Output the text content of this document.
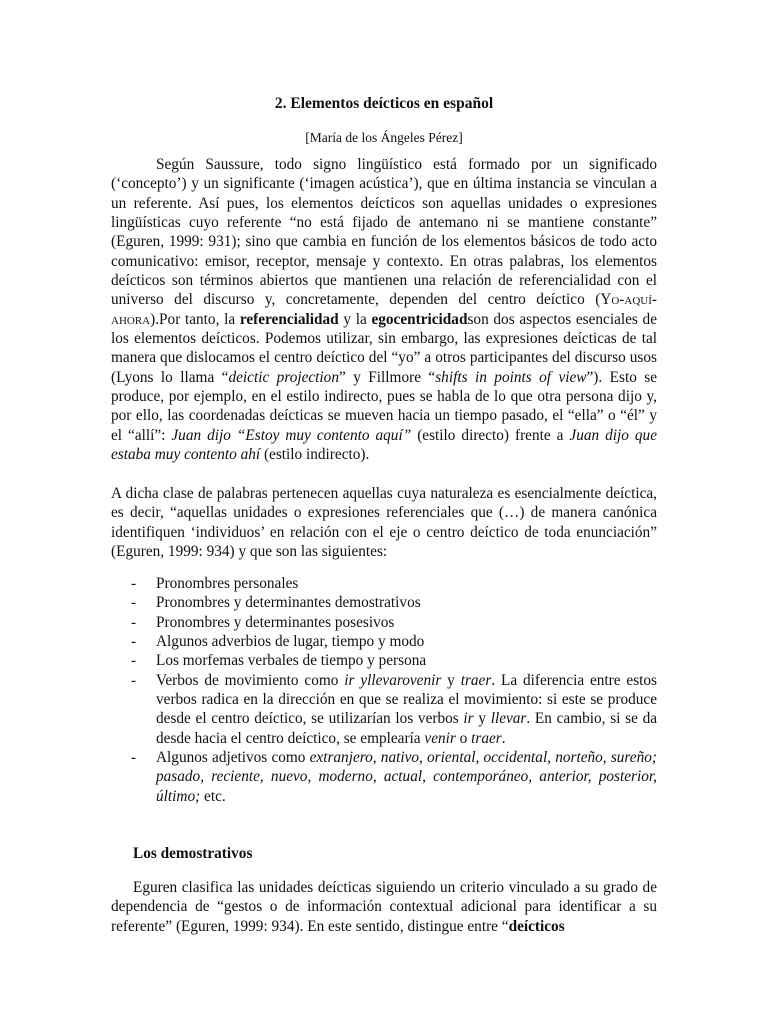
2. Elementos deícticos en español
[María de los Ángeles Pérez]
Según Saussure, todo signo lingüístico está formado por un significado (‘concepto’) y un significante (‘imagen acústica’), que en última instancia se vinculan a un referente. Así pues, los elementos deícticos son aquellas unidades o expresiones lingüísticas cuyo referente “no está fijado de antemano ni se mantiene constante” (Eguren, 1999: 931); sino que cambia en función de los elementos básicos de todo acto comunicativo: emisor, receptor, mensaje y contexto. En otras palabras, los elementos deícticos son términos abiertos que mantienen una relación de referencialidad con el universo del discurso y, concretamente, dependen del centro deíctico (Yo-aquí-ahora).Por tanto, la referencialidad y la egocentricidadson dos aspectos esenciales de los elementos deícticos. Podemos utilizar, sin embargo, las expresiones deícticas de tal manera que dislocamos el centro deíctico del “yo” a otros participantes del discurso usos (Lyons lo llama “deictic projection” y Fillmore “shifts in points of view”). Esto se produce, por ejemplo, en el estilo indirecto, pues se habla de lo que otra persona dijo y, por ello, las coordenadas deícticas se mueven hacia un tiempo pasado, el “ella” o “él” y el “allí”: Juan dijo “Estoy muy contento aquí” (estilo directo) frente a Juan dijo que estaba muy contento ahí (estilo indirecto).
A dicha clase de palabras pertenecen aquellas cuya naturaleza es esencialmente deíctica, es decir, “aquellas unidades o expresiones referenciales que (…) de manera canónica identifiquen ‘individuos’ en relación con el eje o centro deíctico de toda enunciación” (Eguren, 1999: 934) y que son las siguientes:
- Pronombres personales
- Pronombres y determinantes demostrativos
- Pronombres y determinantes posesivos
- Algunos adverbios de lugar, tiempo y modo
- Los morfemas verbales de tiempo y persona
- Verbos de movimiento como ir yllevarovenir y traer. La diferencia entre estos verbos radica en la dirección en que se realiza el movimiento: si este se produce desde el centro deíctico, se utilizarían los verbos ir y llevar. En cambio, si se da desde hacia el centro deíctico, se emplearía venir o traer.
- Algunos adjetivos como extranjero, nativo, oriental, occidental, norteño, sureño; pasado, reciente, nuevo, moderno, actual, contemporáneo, anterior, posterior, último; etc.
Los demostrativos
Eguren clasifica las unidades deícticas siguiendo un criterio vinculado a su grado de dependencia de “gestos o de información contextual adicional para identificar a su referente” (Eguren, 1999: 934). En este sentido, distingue entre “deícticos
